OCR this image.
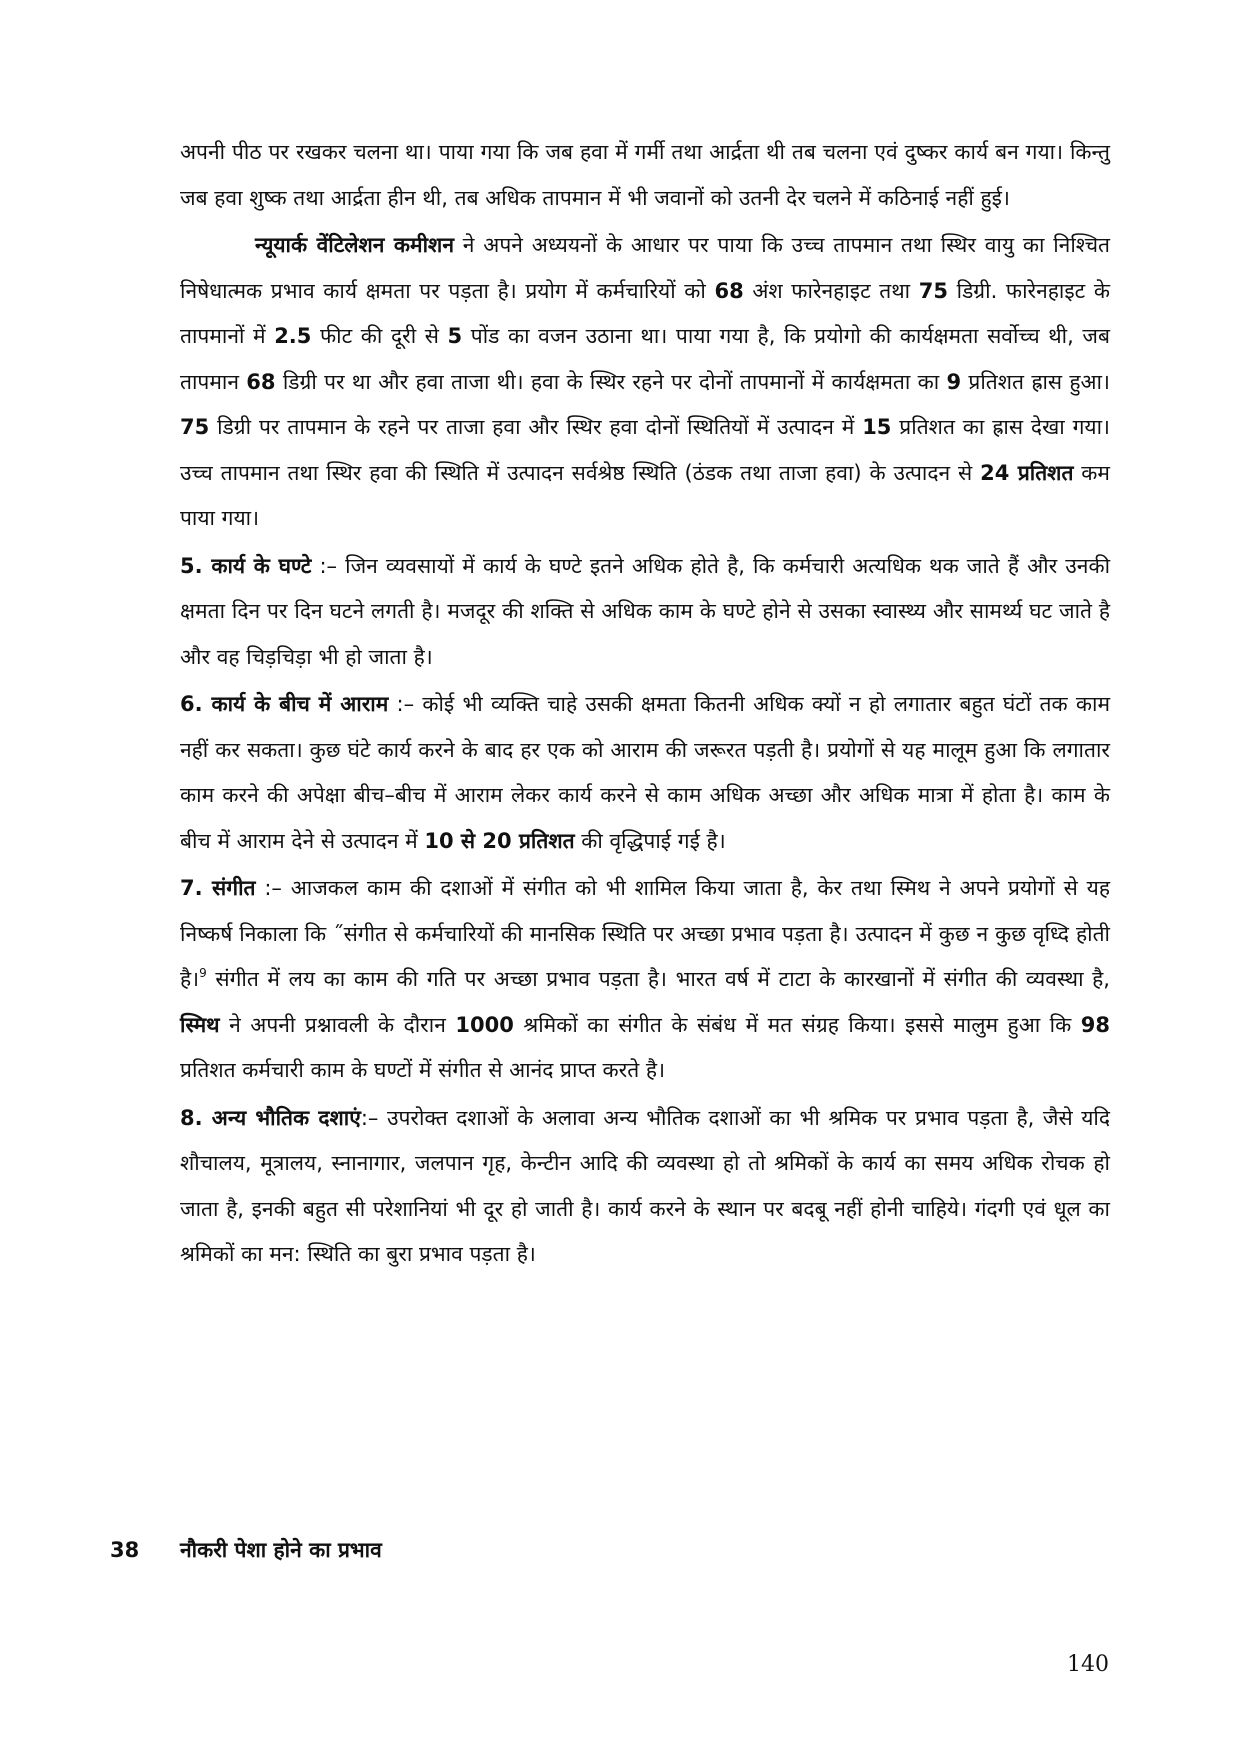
अपनी पीठ पर रखकर चलना था। पाया गया कि जब हवा में गर्मी तथा आर्द्रता थी तब चलना एवं दुष्कर कार्य बन गया। किन्तु जब हवा शुष्क तथा आर्द्रता हीन थी, तब अधिक तापमान में भी जवानों को उतनी देर चलने में कठिनाई नहीं हुई।

न्यूयार्क वेंटिलेशन कमीशन ने अपने अध्ययनों के आधार पर पाया कि उच्च तापमान तथा स्थिर वायु का निश्चित निषेधात्मक प्रभाव कार्य क्षमता पर पड़ता है। प्रयोग में कर्मचारियों को 68 अंश फारेनहाइट तथा 75 डिग्री. फारेनहाइट के तापमानों में 2.5 फीट की दूरी से 5 पोंड का वजन उठाना था। पाया गया है, कि प्रयोगो की कार्यक्षमता सर्वोच्च थी, जब तापमान 68 डिग्री पर था और हवा ताजा थी। हवा के स्थिर रहने पर दोनों तापमानों में कार्यक्षमता का 9 प्रतिशत ह्रास हुआ। 75 डिग्री पर तापमान के रहने पर ताजा हवा और स्थिर हवा दोनों स्थितियों में उत्पादन में 15 प्रतिशत का ह्रास देखा गया। उच्च तापमान तथा स्थिर हवा की स्थिति में उत्पादन सर्वश्रेष्ठ स्थिति (ठंडक तथा ताजा हवा) के उत्पादन से 24 प्रतिशत कम पाया गया।

5. कार्य के घण्टे :– जिन व्यवसायों में कार्य के घण्टे इतने अधिक होते है, कि कर्मचारी अत्यधिक थक जाते हैं और उनकी क्षमता दिन पर दिन घटने लगती है। मजदूर की शक्ति से अधिक काम के घण्टे होने से उसका स्वास्थ्य और सामर्थ्य घट जाते है और वह चिड़चिड़ा भी हो जाता है।

6. कार्य के बीच में आराम :– कोई भी व्यक्ति चाहे उसकी क्षमता कितनी अधिक क्यों न हो लगातार बहुत घंटों तक काम नहीं कर सकता। कुछ घंटे कार्य करने के बाद हर एक को आराम की जरूरत पड़ती है। प्रयोगों से यह मालूम हुआ कि लगातार काम करने की अपेक्षा बीच–बीच में आराम लेकर कार्य करने से काम अधिक अच्छा और अधिक मात्रा में होता है। काम के बीच में आराम देने से उत्पादन में 10 से 20 प्रतिशत की वृद्धिपाई गई है।

7. संगीत :– आजकल काम की दशाओं में संगीत को भी शामिल किया जाता है, केर तथा स्मिथ ने अपने प्रयोगों से यह निष्कर्ष निकाला कि ˝संगीत से कर्मचारियों की मानसिक स्थिति पर अच्छा प्रभाव पड़ता है। उत्पादन में कुछ न कुछ वृध्दि होती है।$^9$ संगीत में लय का काम की गति पर अच्छा प्रभाव पड़ता है। भारत वर्ष में टाटा के कारखानों में संगीत की व्यवस्था है, स्मिथ ने अपनी प्रश्नावली के दौरान 1000 श्रमिकों का संगीत के संबंध में मत संग्रह किया। इससे मालुम हुआ कि 98 प्रतिशत कर्मचारी काम के घण्टों में संगीत से आनंद प्राप्त करते है।

8. अन्य भौतिक दशाएं:– उपरोक्त दशाओं के अलावा अन्य भौतिक दशाओं का भी श्रमिक पर प्रभाव पड़ता है, जैसे यदि शौचालय, मूत्रालय, स्नानागार, जलपान गृह, केन्टीन आदि की व्यवस्था हो तो श्रमिकों के कार्य का समय अधिक रोचक हो जाता है, इनकी बहुत सी परेशानियां भी दूर हो जाती है। कार्य करने के स्थान पर बदबू नहीं होनी चाहिये। गंदगी एवं धूल का श्रमिकों का मन: स्थिति का बुरा प्रभाव पड़ता है।

38 नौकरी पेशा होने का प्रभाव
140
